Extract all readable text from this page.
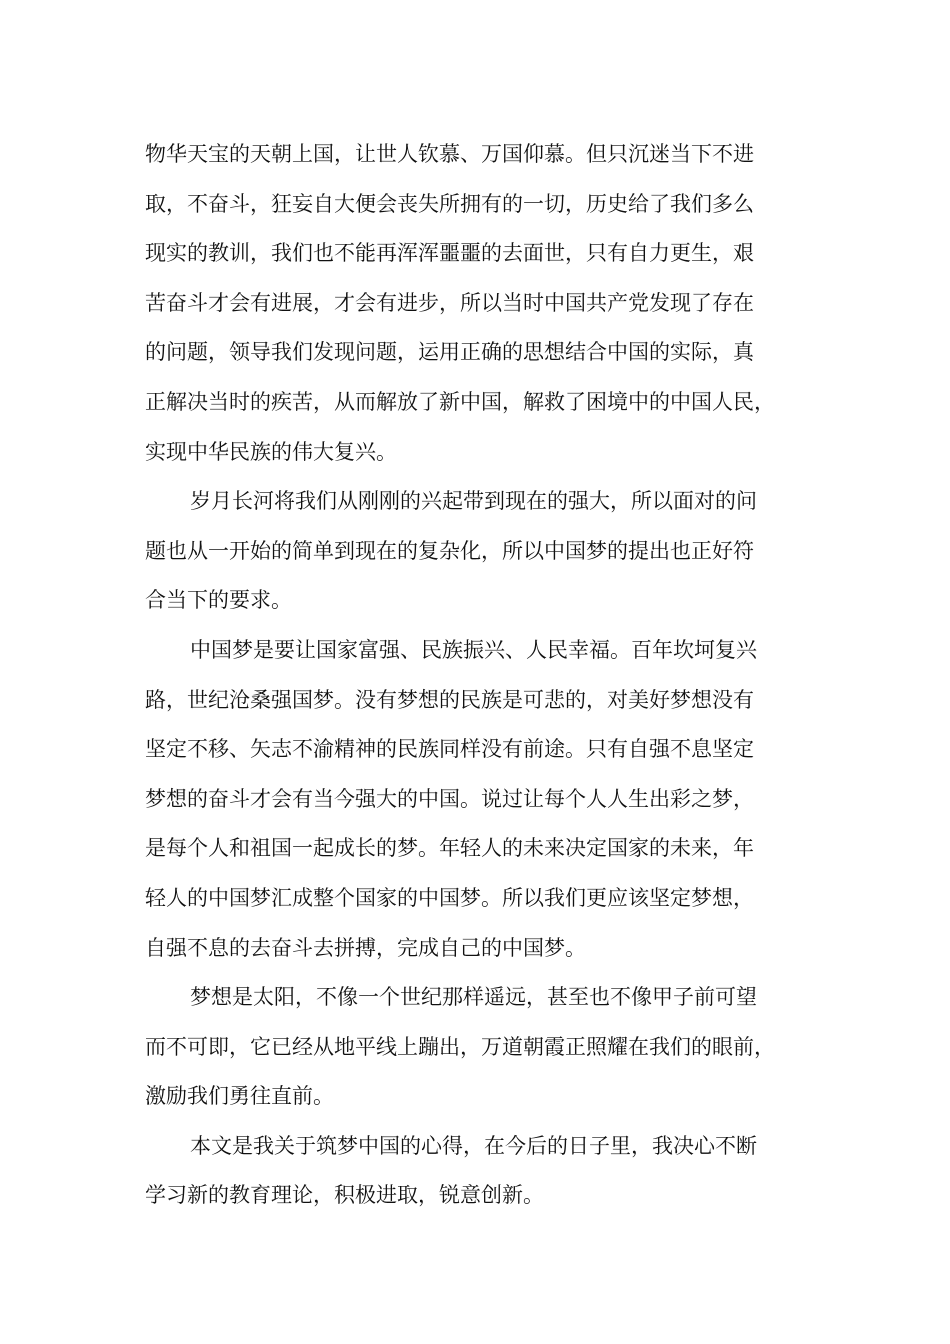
物华天宝的天朝上国，让世人钦慕、万国仰慕。但只沉迷当下不进
取，不奋斗，狂妄自大便会丧失所拥有的一切，历史给了我们多么
现实的教训，我们也不能再浑浑噩噩的去面世，只有自力更生，艰
苦奋斗才会有进展，才会有进步，所以当时中国共产党发现了存在
的问题，领导我们发现问题，运用正确的思想结合中国的实际，真
正解决当时的疾苦，从而解放了新中国，解救了困境中的中国人民，
实现中华民族的伟大复兴。
岁月长河将我们从刚刚的兴起带到现在的强大，所以面对的问
题也从一开始的简单到现在的复杂化，所以中国梦的提出也正好符
合当下的要求。
中国梦是要让国家富强、民族振兴、人民幸福。百年坎坷复兴
路，世纪沧桑强国梦。没有梦想的民族是可悲的，对美好梦想没有
坚定不移、矢志不渝精神的民族同样没有前途。只有自强不息坚定
梦想的奋斗才会有当今强大的中国。说过让每个人人生出彩之梦，
是每个人和祖国一起成长的梦。年轻人的未来决定国家的未来，年
轻人的中国梦汇成整个国家的中国梦。所以我们更应该坚定梦想，
自强不息的去奋斗去拼搏，完成自己的中国梦。
梦想是太阳，不像一个世纪那样遥远，甚至也不像甲子前可望
而不可即，它已经从地平线上蹦出，万道朝霞正照耀在我们的眼前，
激励我们勇往直前。
本文是我关于筑梦中国的心得，在今后的日子里，我决心不断
学习新的教育理论，积极进取，锐意创新。
